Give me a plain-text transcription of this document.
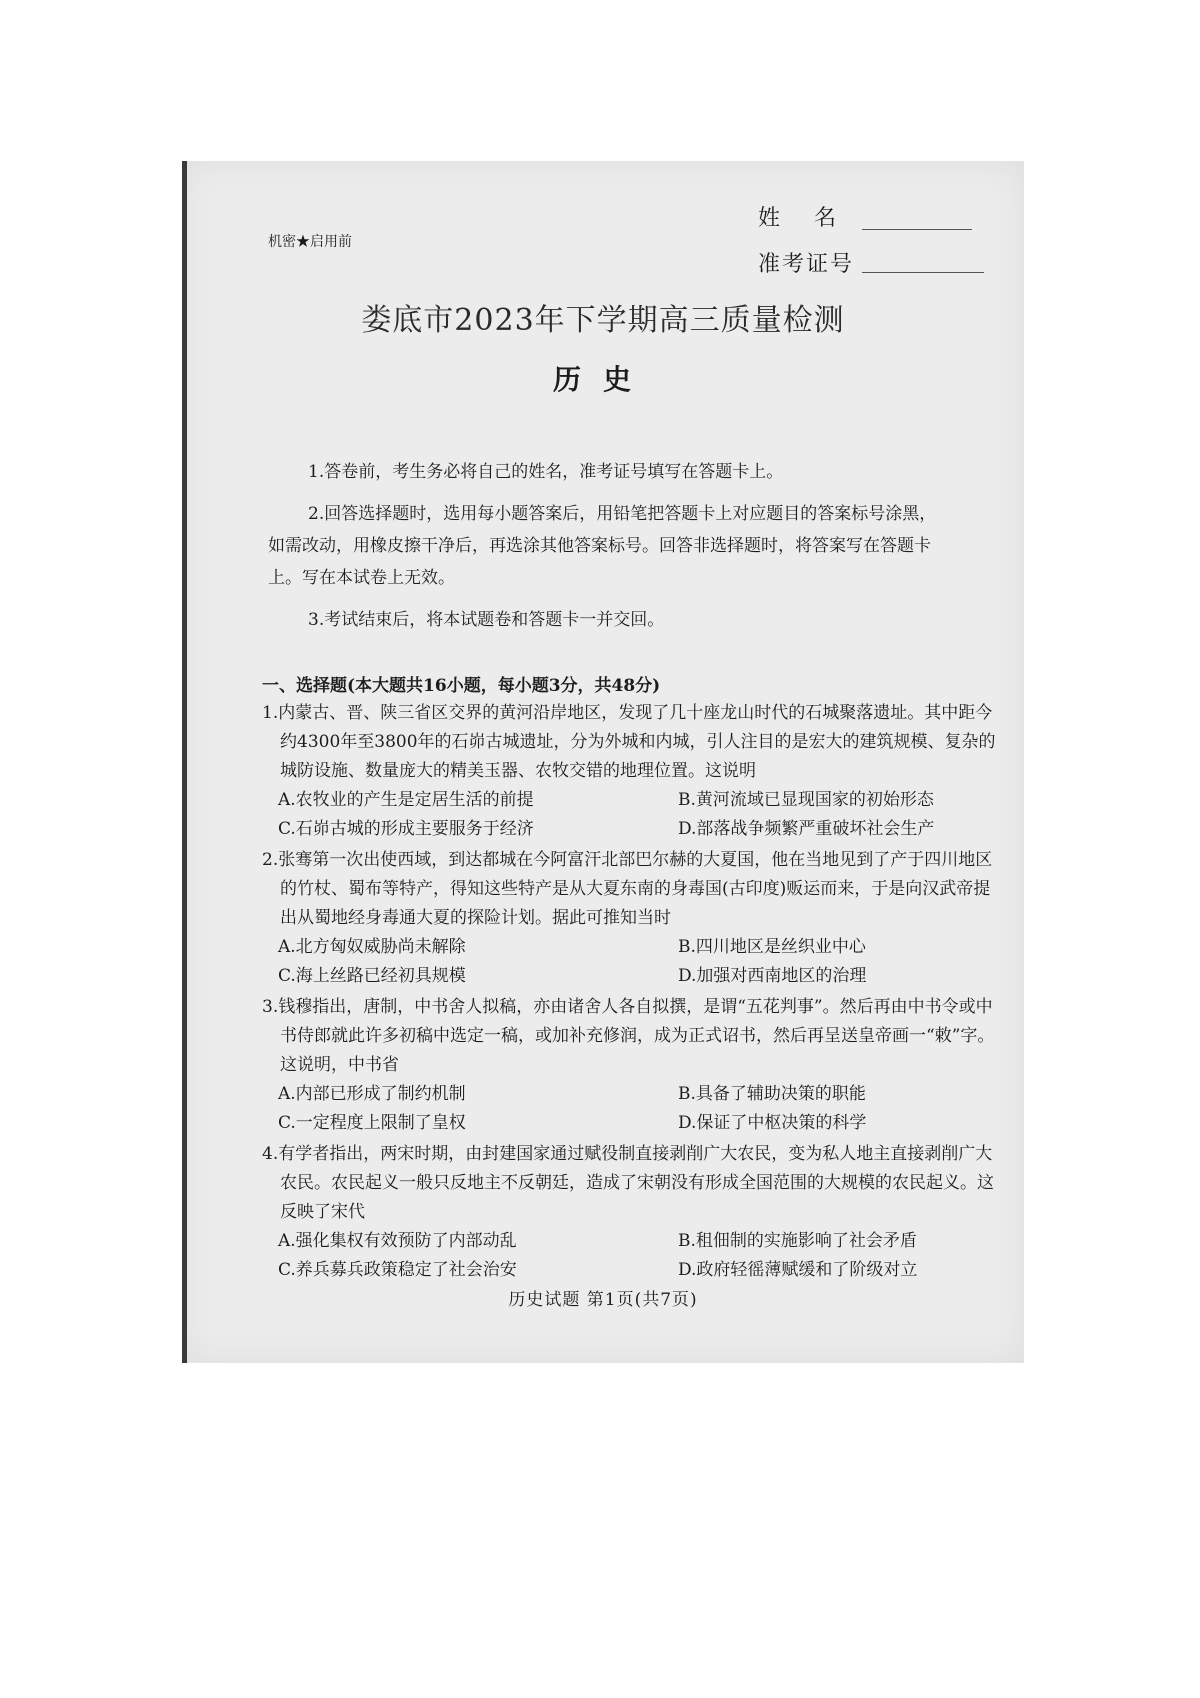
机密★启用前
姓名
准考证号
娄底市2023年下学期高三质量检测
历史

1.答卷前，考生务必将自己的姓名，准考证号填写在答题卡上。

2.回答选择题时，选用每小题答案后，用铅笔把答题卡上对应题目的答案标号涂黑，如需改动，用橡皮擦干净后，再选涂其他答案标号。回答非选择题时，将答案写在答题卡上。写在本试卷上无效。

3.考试结束后，将本试题卷和答题卡一并交回。

一、选择题(本大题共16小题，每小题3分，共48分)
1.内蒙古、晋、陕三省区交界的黄河沿岸地区，发现了几十座龙山时代的石城聚落遗址。其中距今约4300年至3800年的石峁古城遗址，分为外城和内城，引人注目的是宏大的建筑规模、复杂的城防设施、数量庞大的精美玉器、农牧交错的地理位置。这说明
A.农牧业的产生是定居生活的前提	B.黄河流域已显现国家的初始形态
C.石峁古城的形成主要服务于经济	D.部落战争频繁严重破坏社会生产
2.张骞第一次出使西域，到达都城在今阿富汗北部巴尔赫的大夏国，他在当地见到了产于四川地区的竹杖、蜀布等特产，得知这些特产是从大夏东南的身毒国(古印度)贩运而来，于是向汉武帝提出从蜀地经身毒通大夏的探险计划。据此可推知当时
A.北方匈奴威胁尚未解除	B.四川地区是丝织业中心
C.海上丝路已经初具规模	D.加强对西南地区的治理
3.钱穆指出，唐制，中书舍人拟稿，亦由诸舍人各自拟撰，是谓“五花判事”。然后再由中书令或中书侍郎就此许多初稿中选定一稿，或加补充修润，成为正式诏书，然后再呈送皇帝画一“敕”字。这说明，中书省
A.内部已形成了制约机制	B.具备了辅助决策的职能
C.一定程度上限制了皇权	D.保证了中枢决策的科学
4.有学者指出，两宋时期，由封建国家通过赋役制直接剥削广大农民，变为私人地主直接剥削广大农民。农民起义一般只反地主不反朝廷，造成了宋朝没有形成全国范围的大规模的农民起义。这反映了宋代
A.强化集权有效预防了内部动乱	B.租佃制的实施影响了社会矛盾
C.养兵募兵政策稳定了社会治安	D.政府轻徭薄赋缓和了阶级对立
历史试题 第1页(共7页)
